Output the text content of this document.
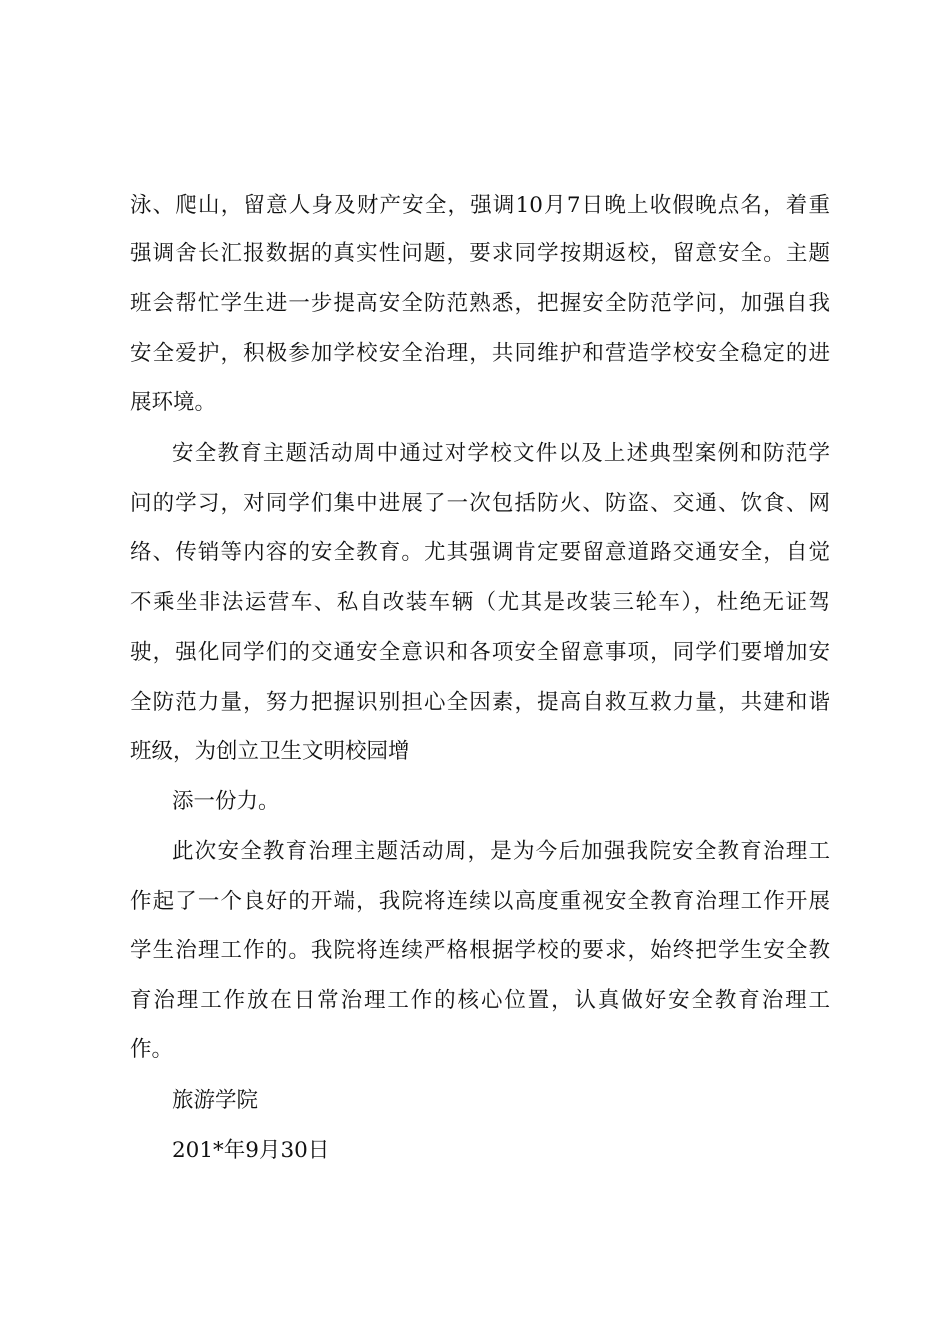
泳、爬山，留意人身及财产安全，强调10月7日晚上收假晚点名，着重
强调舍长汇报数据的真实性问题，要求同学按期返校，留意安全。主题
班会帮忙学生进一步提高安全防范熟悉，把握安全防范学问，加强自我
安全爱护，积极参加学校安全治理，共同维护和营造学校安全稳定的进
展环境。
安全教育主题活动周中通过对学校文件以及上述典型案例和防范学
问的学习，对同学们集中进展了一次包括防火、防盗、交通、饮食、网
络、传销等内容的安全教育。尤其强调肯定要留意道路交通安全，自觉
不乘坐非法运营车、私自改装车辆（尤其是改装三轮车），杜绝无证驾
驶，强化同学们的交通安全意识和各项安全留意事项，同学们要增加安
全防范力量，努力把握识别担心全因素，提高自救互救力量，共建和谐
班级，为创立卫生文明校园增
添一份力。
此次安全教育治理主题活动周，是为今后加强我院安全教育治理工
作起了一个良好的开端，我院将连续以高度重视安全教育治理工作开展
学生治理工作的。我院将连续严格根据学校的要求，始终把学生安全教
育治理工作放在日常治理工作的核心位置，认真做好安全教育治理工
作。
旅游学院
201*年9月30日
